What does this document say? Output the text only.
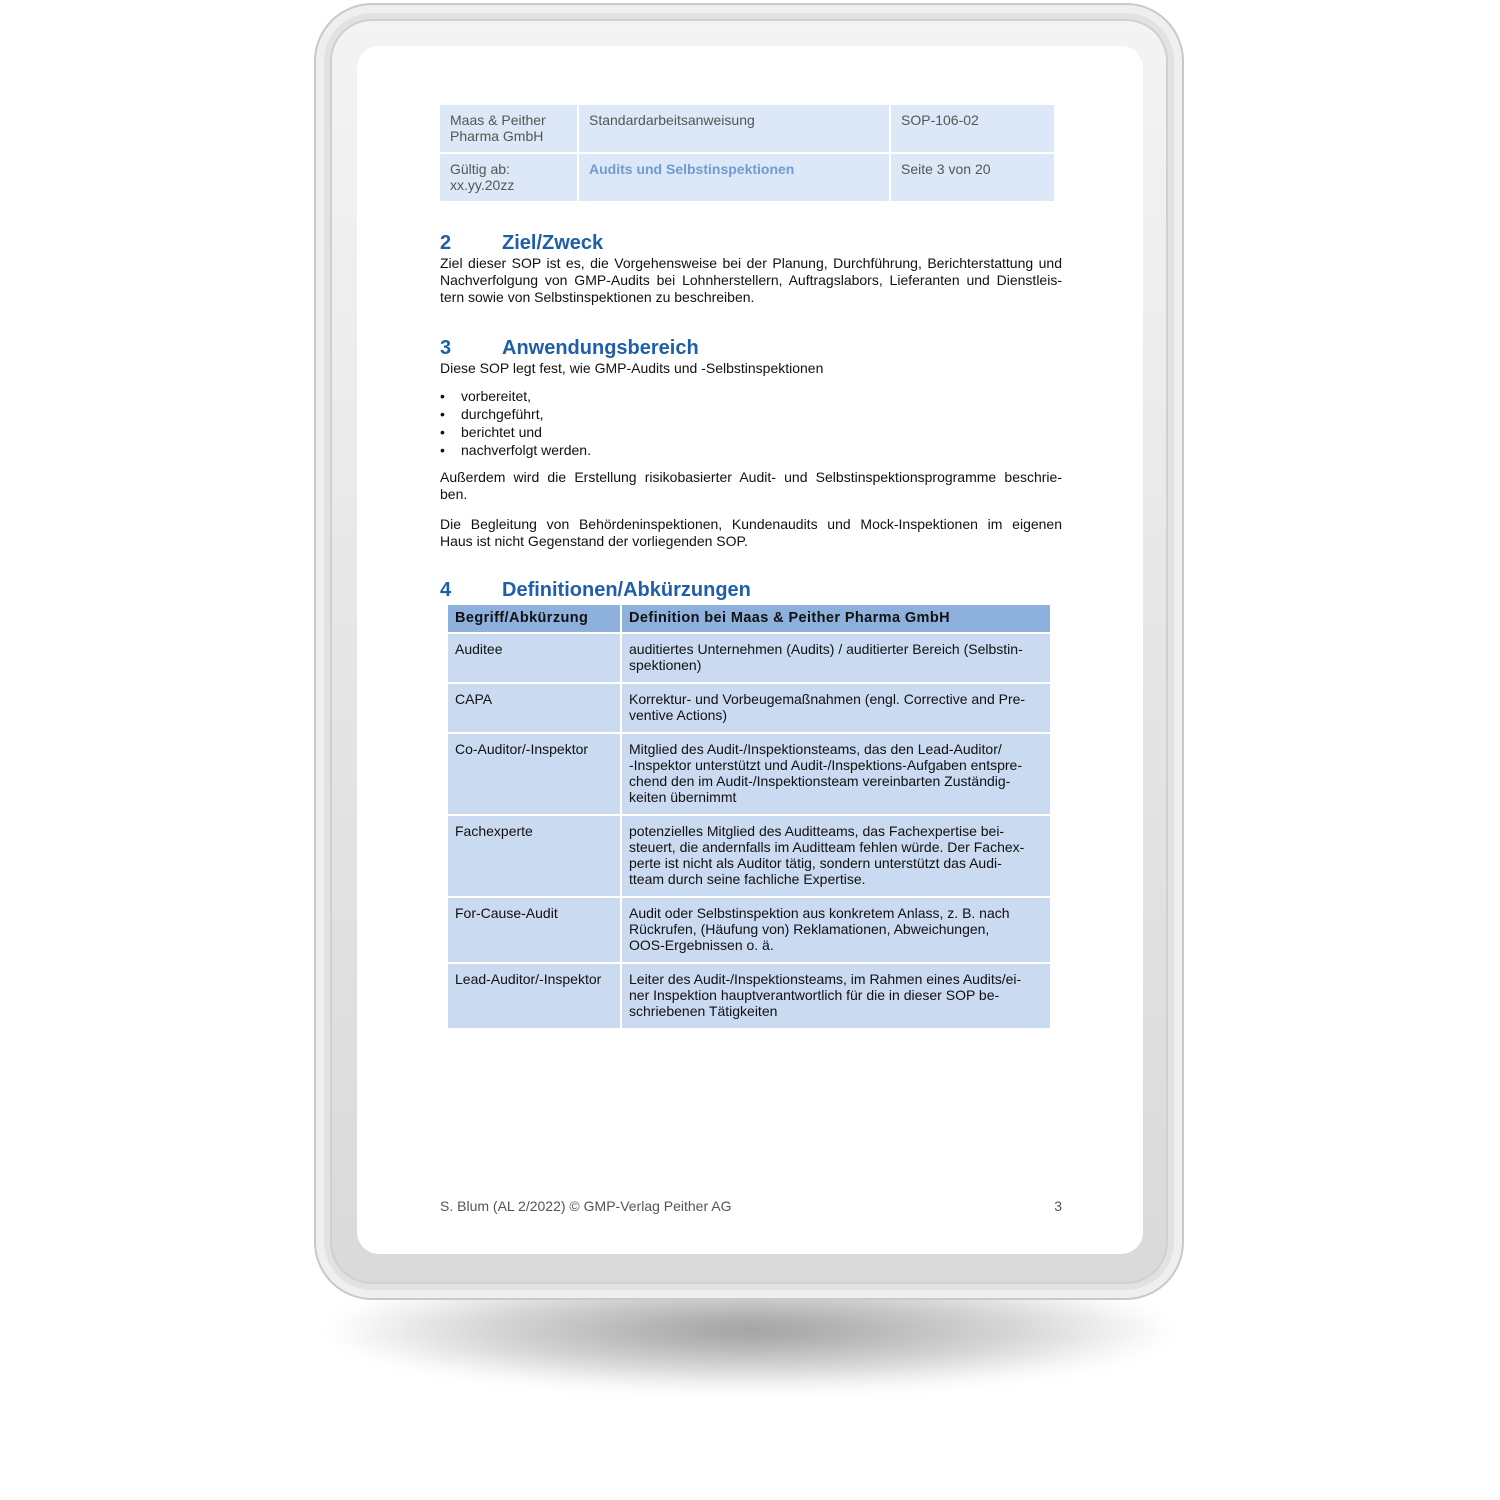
Maas & Peither
Pharma GmbH	Standardarbeitsanweisung	SOP-106-02

Gültig ab:
xx.yy.20zz	Audits und Selbstinspektionen	Seite 3 von 20
2	Ziel/Zweck

Ziel dieser SOP ist es, die Vorgehensweise bei der Planung, Durchführung, Berichterstattung und
Nachverfolgung von GMP-Audits bei Lohnherstellern, Auftragslabors, Lieferanten und Dienstleis-
tern sowie von Selbstinspektionen zu beschreiben.

3	Anwendungsbereich

Diese SOP legt fest, wie GMP-Audits und -Selbstinspektionen

• vorbereitet,
• durchgeführt,
• berichtet und
• nachverfolgt werden.

Außerdem wird die Erstellung risikobasierter Audit- und Selbstinspektionsprogramme beschrie-
ben.

Die Begleitung von Behördeninspektionen, Kundenaudits und Mock-Inspektionen im eigenen
Haus ist nicht Gegenstand der vorliegenden SOP.

4	Definitionen/Abkürzungen
Begriff/Abkürzung	Definition bei Maas & Peither Pharma GmbH
Auditee	auditiertes Unternehmen (Audits) / auditierter Bereich (Selbstin-
spektionen)

CAPA	Korrektur- und Vorbeugemaßnahmen (engl. Corrective and Pre-
ventive Actions)

Co-Auditor/-Inspektor	Mitglied des Audit-/Inspektionsteams, das den Lead-Auditor/
-Inspektor unterstützt und Audit-/Inspektions-Aufgaben entspre-
chend den im Audit-/Inspektionsteam vereinbarten Zuständig-
keiten übernimmt

Fachexperte	potenzielles Mitglied des Auditteams, das Fachexpertise bei-
steuert, die andernfalls im Auditteam fehlen würde. Der Fachex-
perte ist nicht als Auditor tätig, sondern unterstützt das Audi-
tteam durch seine fachliche Expertise.

For-Cause-Audit	Audit oder Selbstinspektion aus konkretem Anlass, z. B. nach
Rückrufen, (Häufung von) Reklamationen, Abweichungen,
OOS-Ergebnissen o. ä.

Lead-Auditor/-Inspektor	Leiter des Audit-/Inspektionsteams, im Rahmen eines Audits/ei-
ner Inspektion hauptverantwortlich für die in dieser SOP be-
schriebenen Tätigkeiten
S. Blum (AL 2/2022) © GMP-Verlag Peither AG	3
